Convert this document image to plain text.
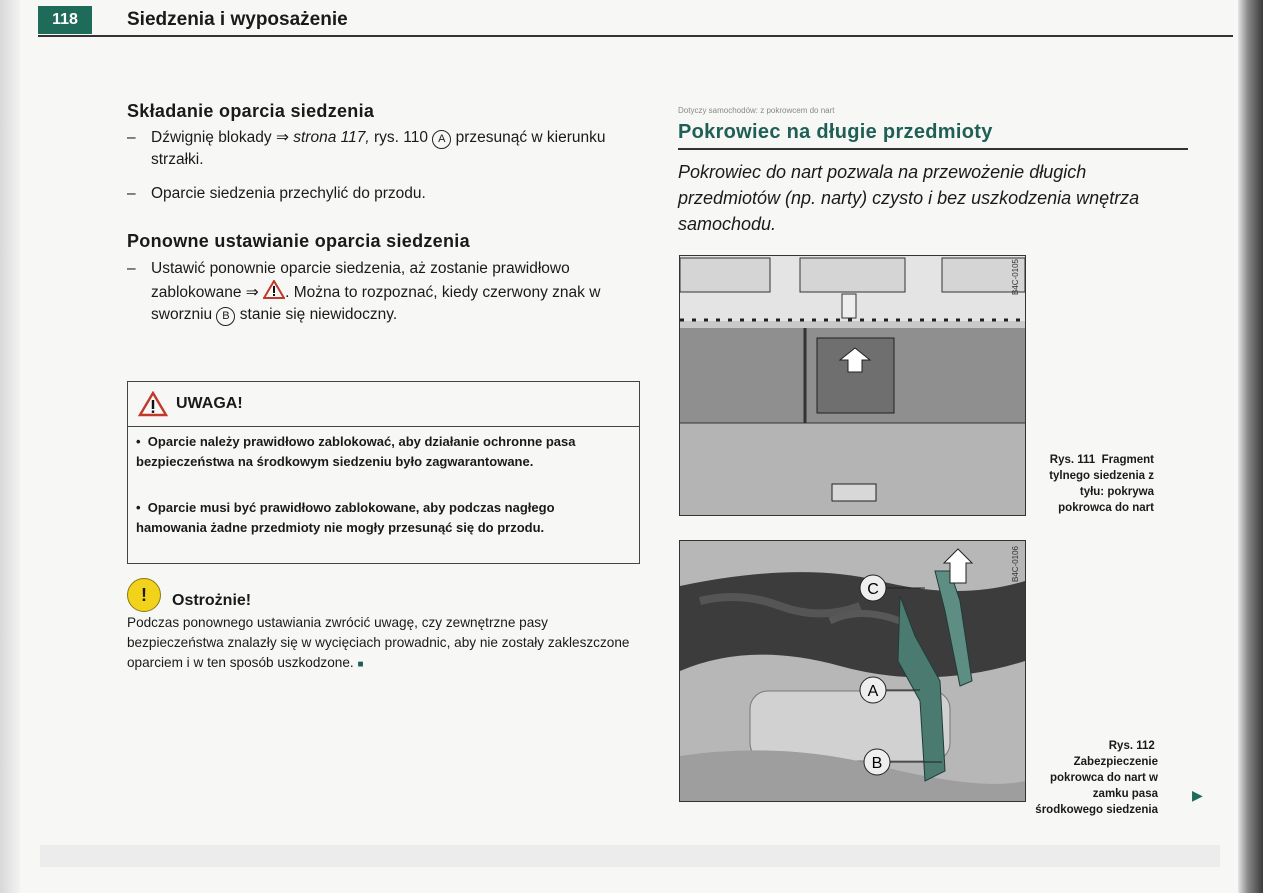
118	Siedzenia i wyposażenie
Składanie oparcia siedzenia
– Dźwignię blokady ⇒ strona 117, rys. 110 A przesunąć w kierunku strzałki.
– Oparcie siedzenia przechylić do przodu.
Ponowne ustawianie oparcia siedzenia
– Ustawić ponownie oparcie siedzenia, aż zostanie prawidłowo zablokowane ⇒ . Można to rozpoznać, kiedy czerwony znak w sworzniu B stanie się niewidoczny.
UWAGA!
• Oparcie należy prawidłowo zablokować, aby działanie ochronne pasa bezpieczeństwa na środkowym siedzeniu było zagwarantowane.
• Oparcie musi być prawidłowo zablokowane, aby podczas nagłego hamowania żadne przedmioty nie mogły przesunąć się do przodu.
!	Ostrożnie!
Podczas ponownego ustawiania zwrócić uwagę, czy zewnętrzne pasy bezpieczeństwa znalazły się w wycięciach prowadnic, aby nie zostały zakleszczone oparciem i w ten sposób uszkodzone. ■
Dotyczy samochodów: z pokrowcem do nart
Pokrowiec na długie przedmioty
Pokrowiec do nart pozwala na przewożenie długich przedmiotów (np. narty) czysto i bez uszkodzenia wnętrza samochodu.
B4C-0105
Rys. 111 Fragment tylnego siedzenia z tyłu: pokrywa pokrowca do nart
C
A
B
B4C-0106
Rys. 112  Zabezpieczenie pokrowca do nart w zamku pasa środkowego siedzenia
▶
